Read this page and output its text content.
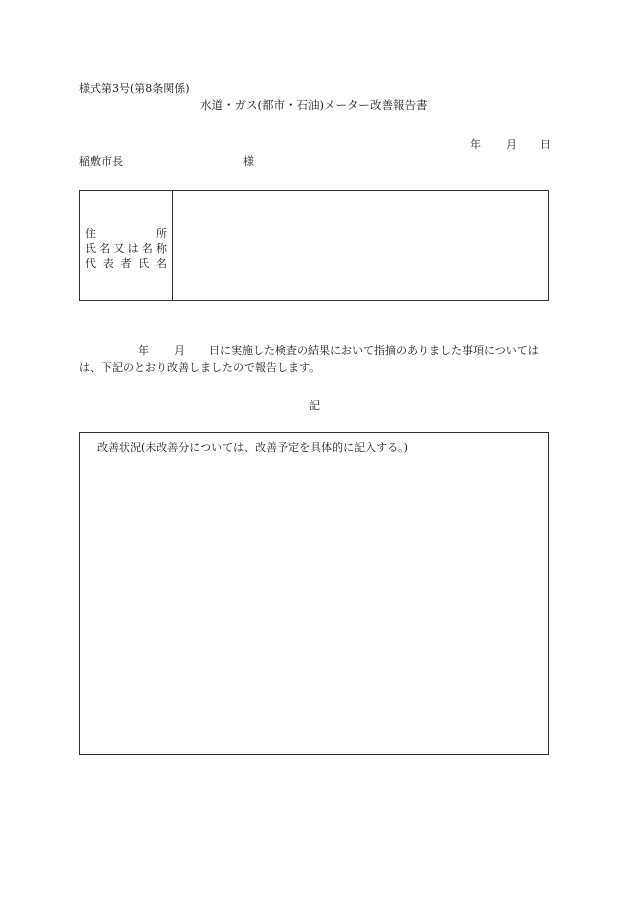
様式第3号(第8条関係)
水道・ガス(都市・石油)メーター改善報告書
年 月 日
稲敷市長	様
住所
氏名又は名称
代表者氏名
年 月 日に実施した検査の結果において指摘のありました事項については
は、下記のとおり改善しましたので報告します。
記
改善状況(未改善分については、改善予定を具体的に記入する。)
